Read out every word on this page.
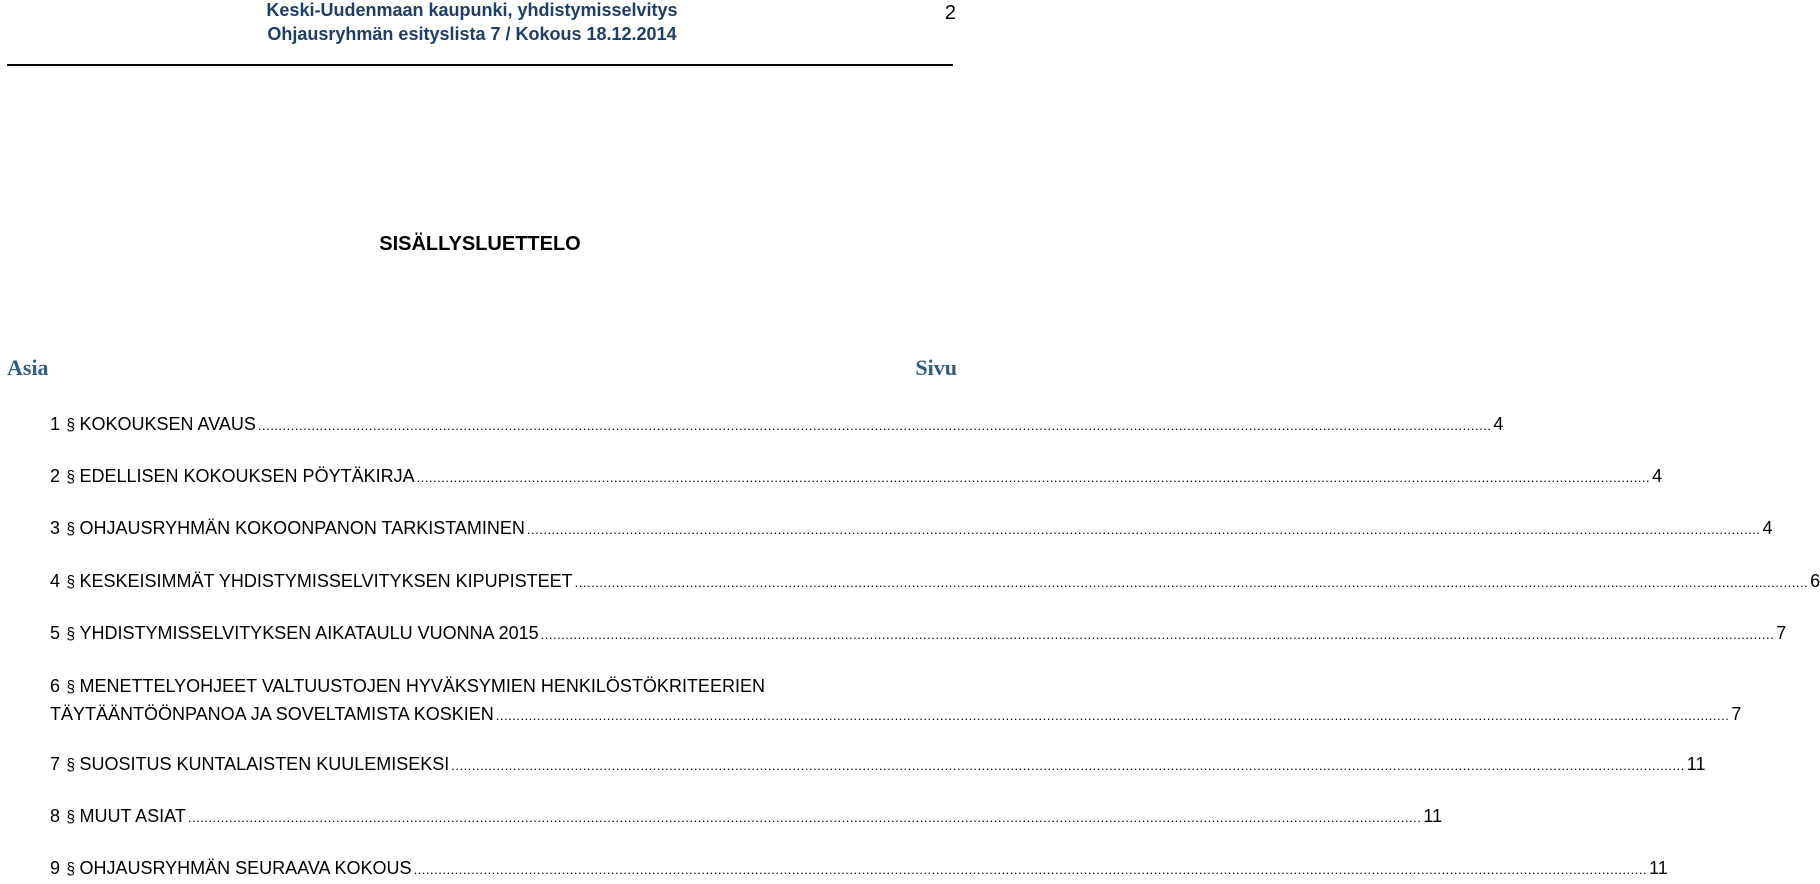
Keski-Uudenmaan kaupunki, yhdistymisselvitys
Ohjausryhmän esityslista 7 / Kokous 18.12.2014
2
SISÄLLYSLUETTELO
Asia	Sivu
1 § KOKOUKSEN AVAUS ............................................................................................................................................................................................................................................................................................................ 4
2 § EDELLISEN KOKOUKSEN PÖYTÄKIRJA ............................................................................................................................................................................................................................................................................................................ 4
3 § OHJAUSRYHMÄN KOKOONPANON TARKISTAMINEN ............................................................................................................................................................................................................................................................................................................ 4
4 § KESKEISIMMÄT YHDISTYMISSELVITYKSEN KIPUPISTEET ............................................................................................................................................................................................................................................................................................................ 6
5 § YHDISTYMISSELVITYKSEN AIKATAULU VUONNA 2015 ............................................................................................................................................................................................................................................................................................................ 7
6 § MENETTELYOHJEET VALTUUSTOJEN HYVÄKSYMIEN HENKILÖSTÖKRITEERIEN
TÄYTÄÄNTÖÖNPANOA JA SOVELTAMISTA KOSKIEN ............................................................................................................................................................................................................................................................................................................ 7
7 § SUOSITUS KUNTALAISTEN KUULEMISEKSI ............................................................................................................................................................................................................................................................................................................ 11
8 § MUUT ASIAT ............................................................................................................................................................................................................................................................................................................ 11
9 § OHJAUSRYHMÄN SEURAAVA KOKOUS ............................................................................................................................................................................................................................................................................................................ 11
